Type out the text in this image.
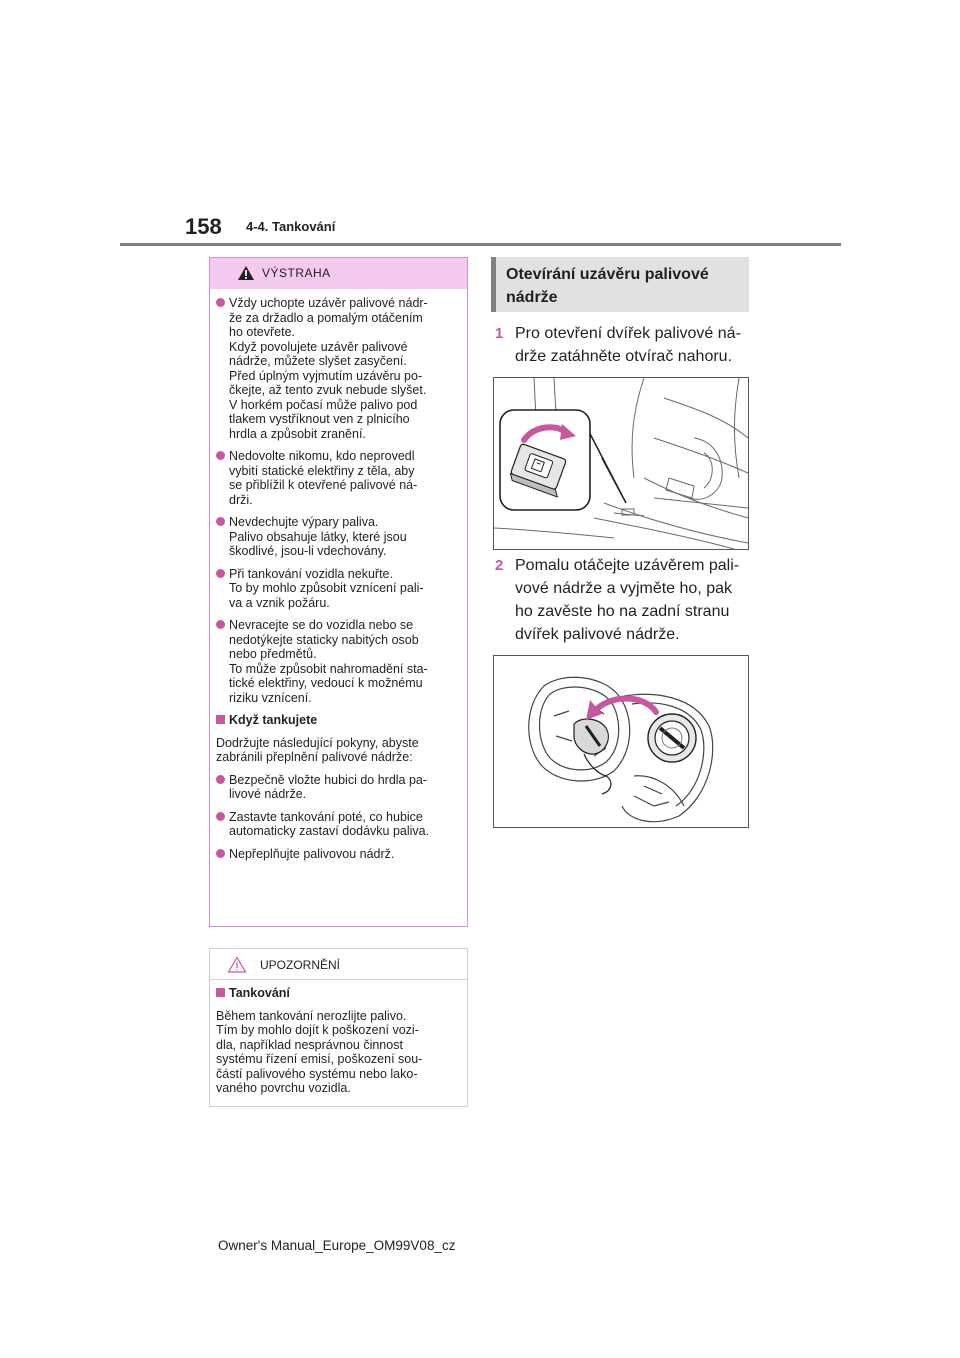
158 4-4. Tankování
VÝSTRAHA
Vždy uchopte uzávěr palivové nádr-
že za držadlo a pomalým otáčením
ho otevřete.
Když povolujete uzávěr palivové
nádrže, můžete slyšet zasyčení.
Před úplným vyjmutím uzávěru po-
čkejte, až tento zvuk nebude slyšet.
V horkém počasí může palivo pod
tlakem vystříknout ven z plnicího
hrdla a způsobit zranění.
Nedovolte nikomu, kdo neprovedl
vybití statické elektřiny z těla, aby
se přiblížil k otevřené palivové ná-
drži.
Nevdechujte výpary paliva.
Palivo obsahuje látky, které jsou
škodlivé, jsou-li vdechovány.
Při tankování vozidla nekuřte.
To by mohlo způsobit vznícení pali-
va a vznik požáru.
Nevracejte se do vozidla nebo se
nedotýkejte staticky nabitých osob
nebo předmětů.
To může způsobit nahromadění sta-
tické elektřiny, vedoucí k možnému
riziku vznícení.
Když tankujete
Dodržujte následující pokyny, abyste
zabránili přeplnění palivové nádrže:
Bezpečně vložte hubici do hrdla pa-
livové nádrže.
Zastavte tankování poté, co hubice
automaticky zastaví dodávku paliva.
Nepřeplňujte palivovou nádrž.
UPOZORNĚNÍ
Tankování
Během tankování nerozlijte palivo.
Tím by mohlo dojít k poškození vozi-
dla, například nesprávnou činnost
systému řízení emisí, poškození sou-
částí palivového systému nebo lako-
vaného povrchu vozidla.
Otevírání uzávěru palivové
nádrže
1 Pro otevření dvířek palivové ná-
drže zatáhněte otvírač nahoru.
2 Pomalu otáčejte uzávěrem pali-
vové nádrže a vyjměte ho, pak
ho zavěste ho na zadní stranu
dvířek palivové nádrže.
Owner's Manual_Europe_OM99V08_cz
